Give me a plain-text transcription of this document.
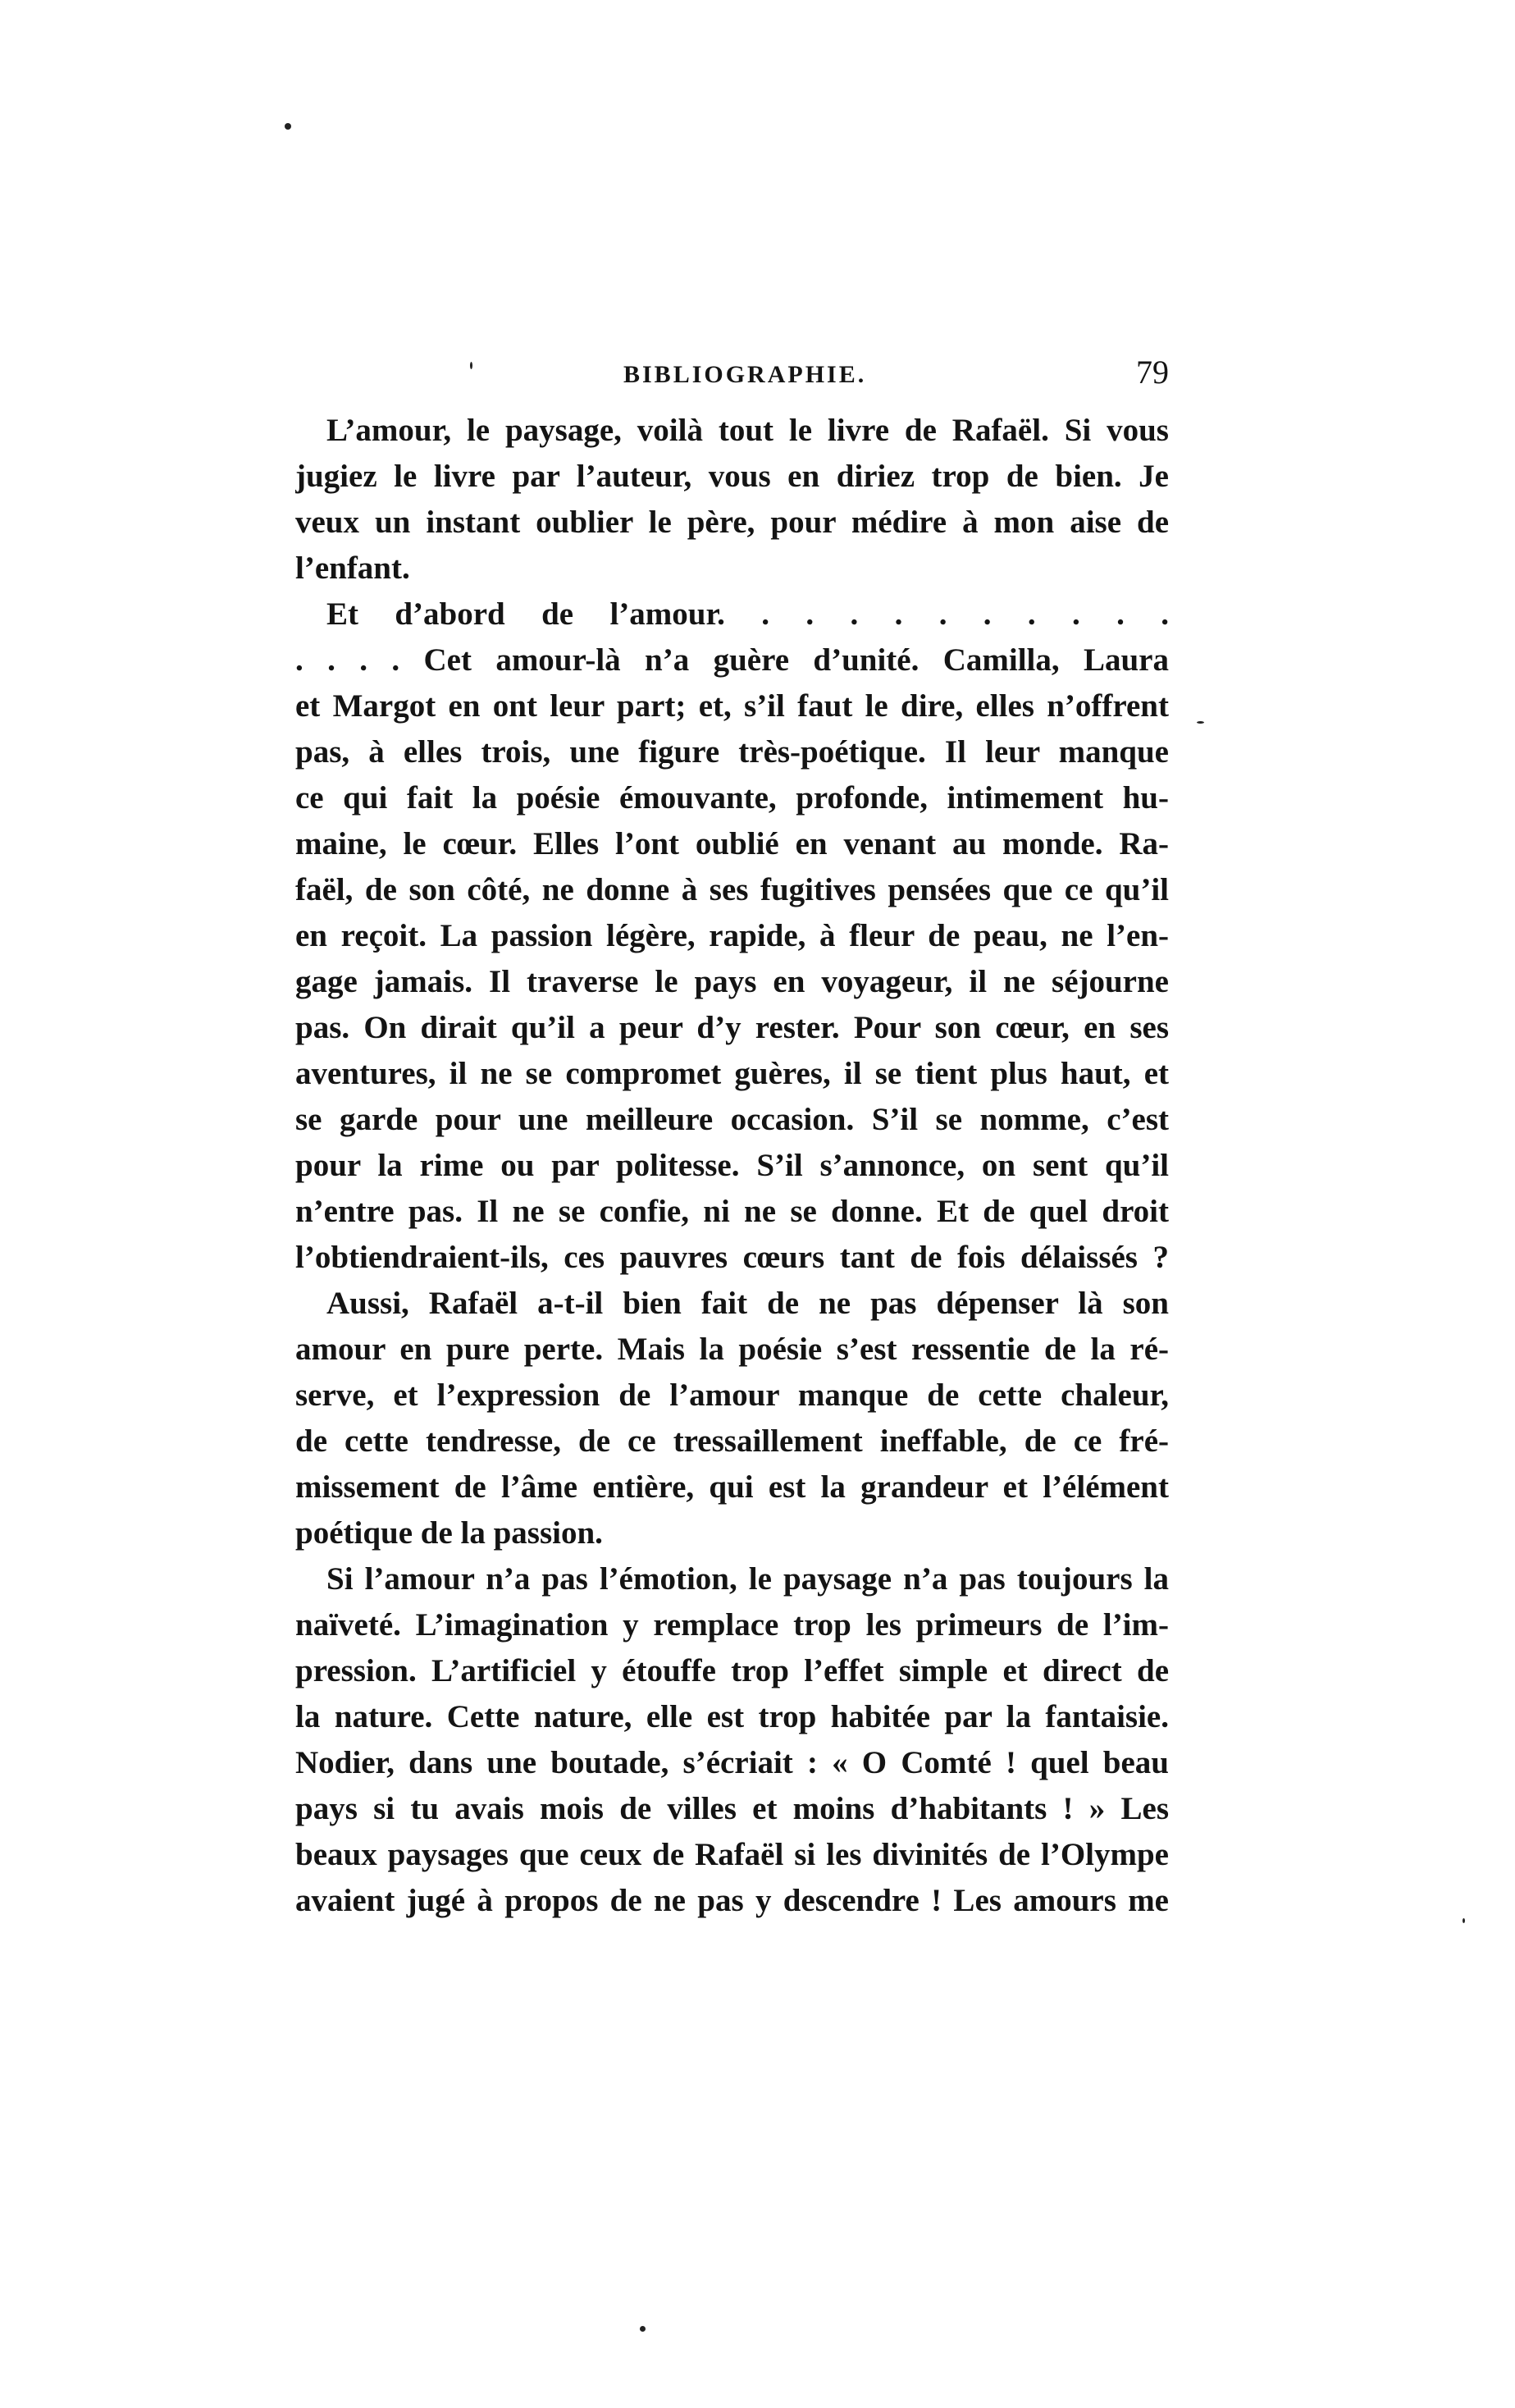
BIBLIOGRAPHIE.	79
L’amour, le paysage, voilà tout le livre de Rafaël. Si vous
jugiez le livre par l’auteur, vous en diriez trop de bien. Je
veux un instant oublier le père, pour médire à mon aise de
l’enfant.
Et d’abord de l’amour. . . . . . . . . . .
. . . . Cet amour-là n’a guère d’unité. Camilla, Laura
et Margot en ont leur part; et, s’il faut le dire, elles n’offrent
pas, à elles trois, une figure très-poétique. Il leur manque
ce qui fait la poésie émouvante, profonde, intimement hu-
maine, le cœur. Elles l’ont oublié en venant au monde. Ra-
faël, de son côté, ne donne à ses fugitives pensées que ce qu’il
en reçoit. La passion légère, rapide, à fleur de peau, ne l’en-
gage jamais. Il traverse le pays en voyageur, il ne séjourne
pas. On dirait qu’il a peur d’y rester. Pour son cœur, en ses
aventures, il ne se compromet guères, il se tient plus haut, et
se garde pour une meilleure occasion. S’il se nomme, c’est
pour la rime ou par politesse. S’il s’annonce, on sent qu’il
n’entre pas. Il ne se confie, ni ne se donne. Et de quel droit
l’obtiendraient-ils, ces pauvres cœurs tant de fois délaissés ?
Aussi, Rafaël a-t-il bien fait de ne pas dépenser là son
amour en pure perte. Mais la poésie s’est ressentie de la ré-
serve, et l’expression de l’amour manque de cette chaleur,
de cette tendresse, de ce tressaillement ineffable, de ce fré-
missement de l’âme entière, qui est la grandeur et l’élément
poétique de la passion.
Si l’amour n’a pas l’émotion, le paysage n’a pas toujours la
naïveté. L’imagination y remplace trop les primeurs de l’im-
pression. L’artificiel y étouffe trop l’effet simple et direct de
la nature. Cette nature, elle est trop habitée par la fantaisie.
Nodier, dans une boutade, s’écriait : « O Comté ! quel beau
pays si tu avais mois de villes et moins d’habitants ! » Les
beaux paysages que ceux de Rafaël si les divinités de l’Olympe
avaient jugé à propos de ne pas y descendre ! Les amours me
